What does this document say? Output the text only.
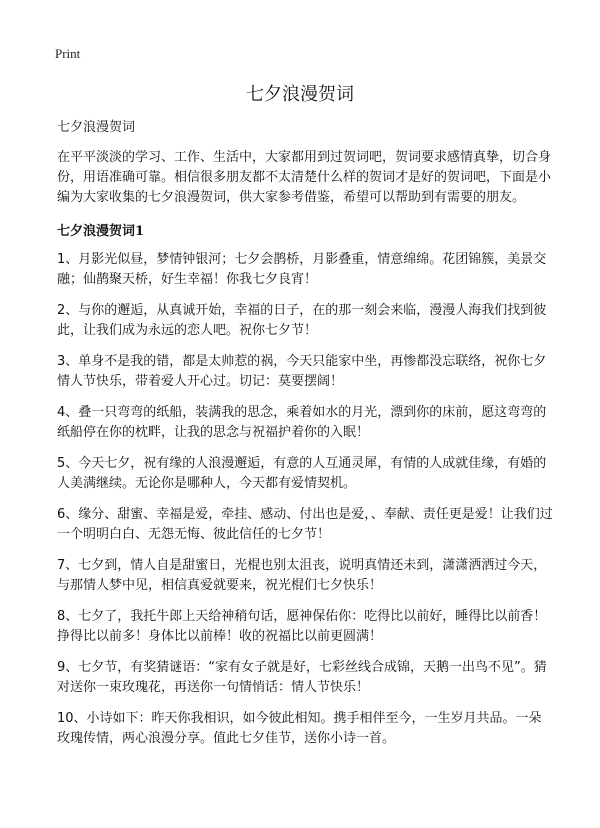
Print
七夕浪漫贺词

七夕浪漫贺词

在平平淡淡的学习、工作、生活中，大家都用到过贺词吧，贺词要求感情真挚，切合身份，用语准确可靠。相信很多朋友都不太清楚什么样的贺词才是好的贺词吧，下面是小编为大家收集的七夕浪漫贺词，供大家参考借鉴，希望可以帮助到有需要的朋友。

七夕浪漫贺词1

1、月影光似昼，梦情钟银河；七夕会鹊桥，月影叠重，情意绵绵。花团锦簇，美景交融；仙鹊聚天桥，好生幸福！你我七夕良宵！

2、与你的邂逅，从真诚开始，幸福的日子，在的那一刻会来临，漫漫人海我们找到彼此，让我们成为永远的恋人吧。祝你七夕节！

3、单身不是我的错，都是太帅惹的祸，今天只能家中坐，再惨都没忘联络，祝你七夕情人节快乐，带着爱人开心过。切记：莫要摆阔！

4、叠一只弯弯的纸船，装满我的思念，乘着如水的月光，漂到你的床前，愿这弯弯的纸船停在你的枕畔，让我的思念与祝福护着你的入眠！

5、今天七夕，祝有缘的人浪漫邂逅，有意的人互通灵犀，有情的人成就佳缘，有婚的人美满继续。无论你是哪种人，今天都有爱情契机。

6、缘分、甜蜜、幸福是爱，牵挂、感动、付出也是爱，、奉献、责任更是爱！让我们过一个明明白白、无怨无悔、彼此信任的七夕节！

7、七夕到，情人自是甜蜜日，光棍也别太沮丧，说明真情还未到，潇潇洒洒过今天，与那情人梦中见，相信真爱就要来，祝光棍们七夕快乐！

8、七夕了，我托牛郎上天给神稍句话，愿神保佑你：吃得比以前好，睡得比以前香！挣得比以前多！身体比以前棒！收的祝福比以前更圆满！

9、七夕节，有奖猜谜语：“家有女子就是好，七彩丝线合成锦，天鹅一出鸟不见”。猜对送你一束玫瑰花，再送你一句情悄话：情人节快乐！

10、小诗如下：昨天你我相识，如今彼此相知。携手相伴至今，一生岁月共品。一朵玫瑰传情，两心浪漫分享。值此七夕佳节，送你小诗一首。
